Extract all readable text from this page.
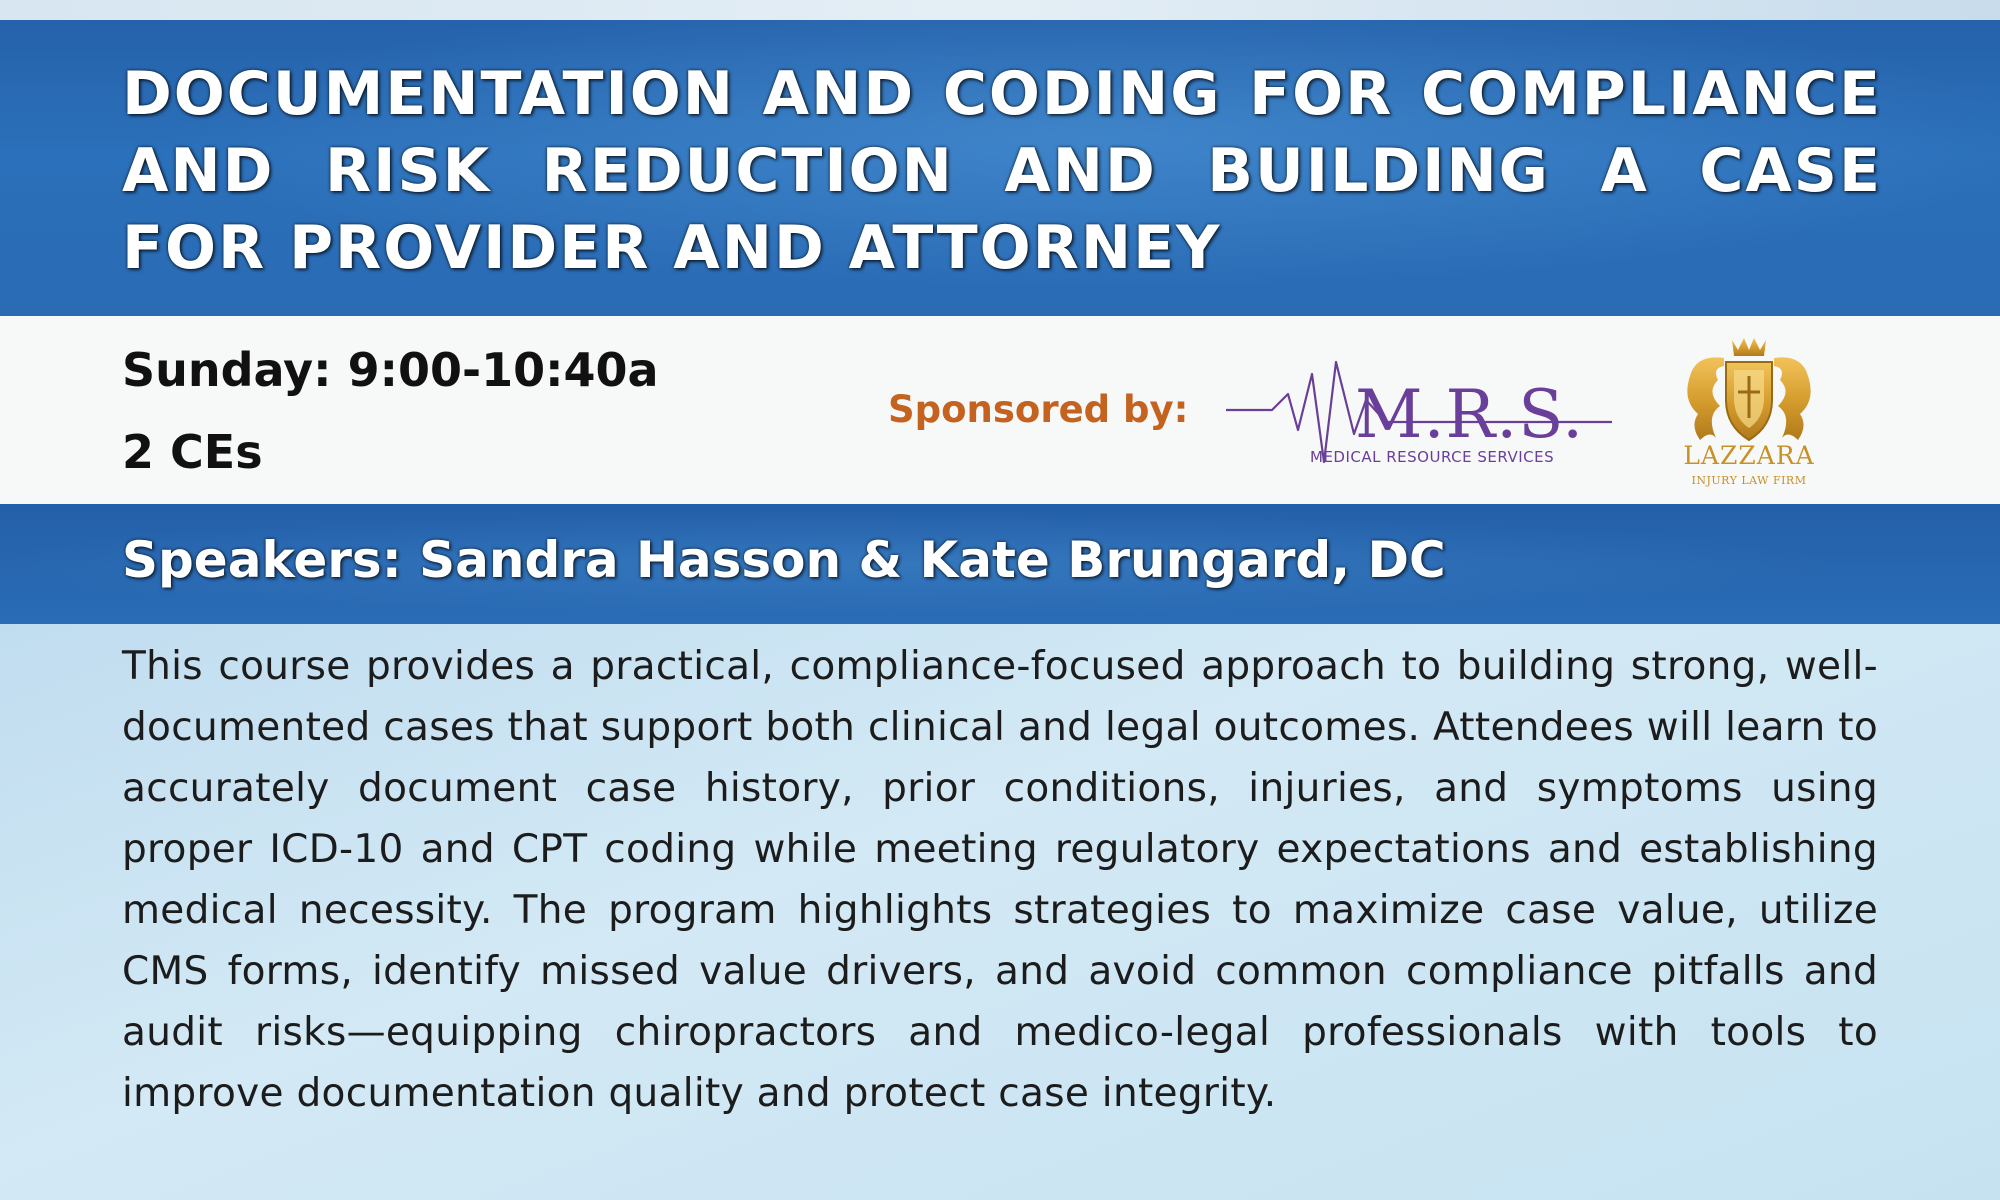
DOCUMENTATION AND CODING FOR COMPLIANCE AND RISK REDUCTION AND BUILDING A CASE FOR PROVIDER AND ATTORNEY

Sunday: 9:00-10:40a

2 CEs

Sponsored by:	M.R.S.
MEDICAL RESOURCE SERVICES	LAZZARA
INJURY LAW FIRM

Speakers: Sandra Hasson & Kate Brungard, DC

This course provides a practical, compliance-focused approach to building strong, well-documented cases that support both clinical and legal outcomes. Attendees will learn to accurately document case history, prior conditions, injuries, and symptoms using proper ICD-10 and CPT coding while meeting regulatory expectations and establishing medical necessity. The program highlights strategies to maximize case value, utilize CMS forms, identify missed value drivers, and avoid common compliance pitfalls and audit risks—equipping chiropractors and medico-legal professionals with tools to improve documentation quality and protect case integrity.
